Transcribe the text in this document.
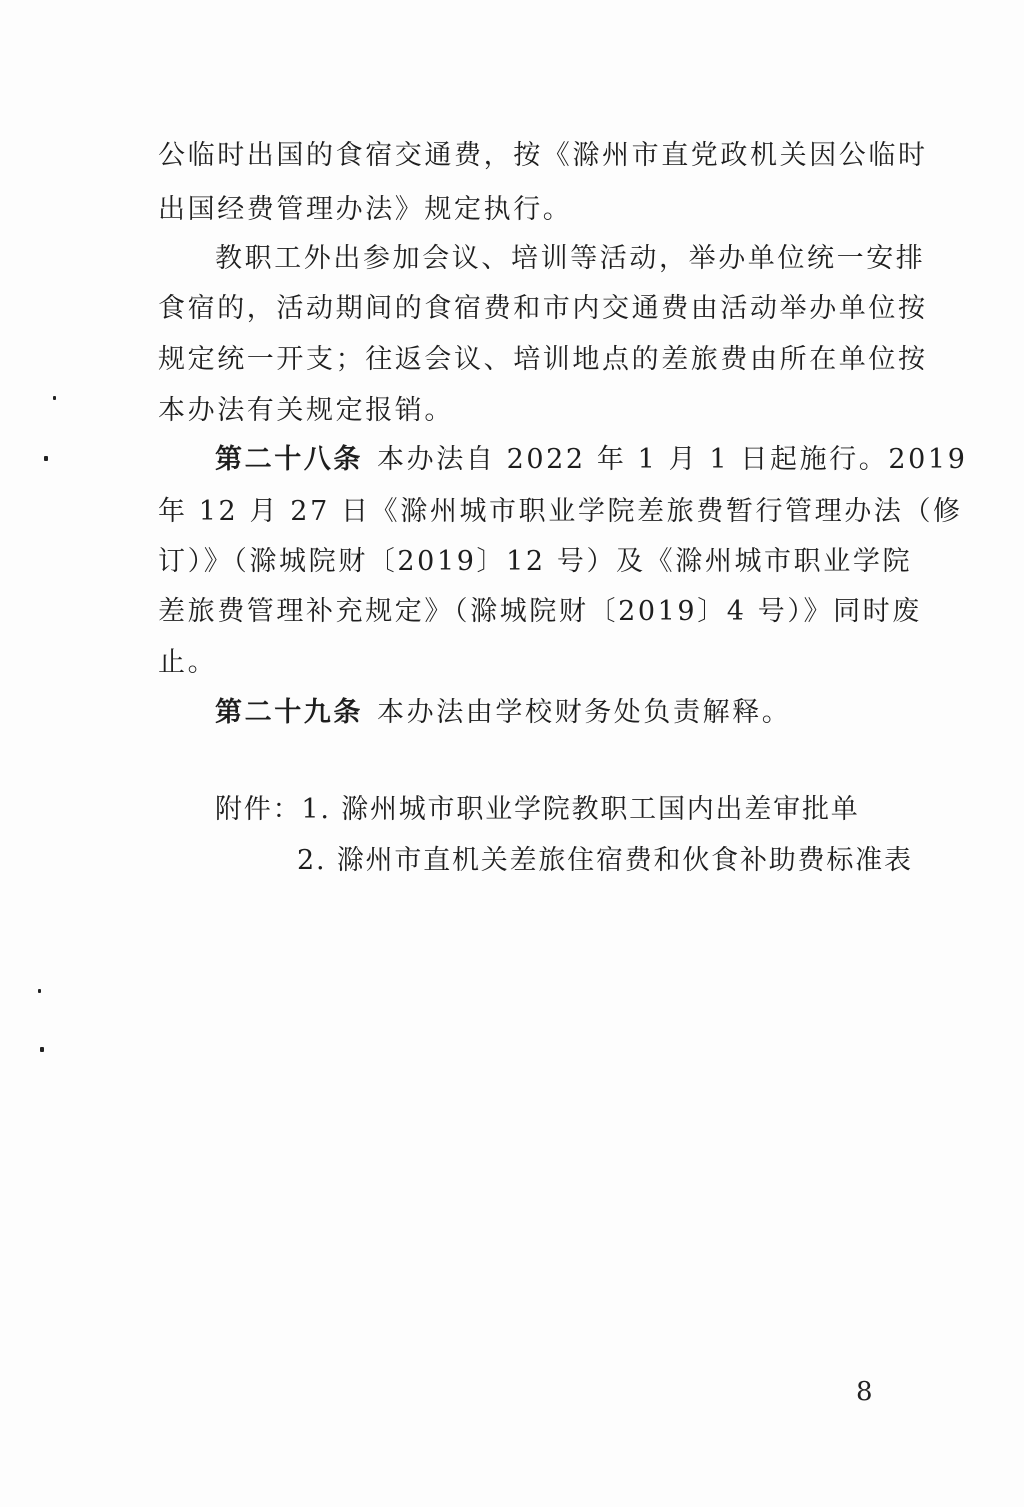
公临时出国的食宿交通费，按《滁州市直党政机关因公临时
出国经费管理办法》规定执行。
教职工外出参加会议、培训等活动，举办单位统一安排
食宿的，活动期间的食宿费和市内交通费由活动举办单位按
规定统一开支；往返会议、培训地点的差旅费由所在单位按
本办法有关规定报销。
第二十八条 本办法自 2022 年 1 月 1 日起施行。2019
年 12 月 27 日《滁州城市职业学院差旅费暂行管理办法（修
订）》（滁城院财〔2019〕12 号）及《滁州城市职业学院
差旅费管理补充规定》（滁城院财〔2019〕4 号）》同时废
止。
第二十九条 本办法由学校财务处负责解释。
附件：1. 滁州城市职业学院教职工国内出差审批单
2. 滁州市直机关差旅住宿费和伙食补助费标准表
8
